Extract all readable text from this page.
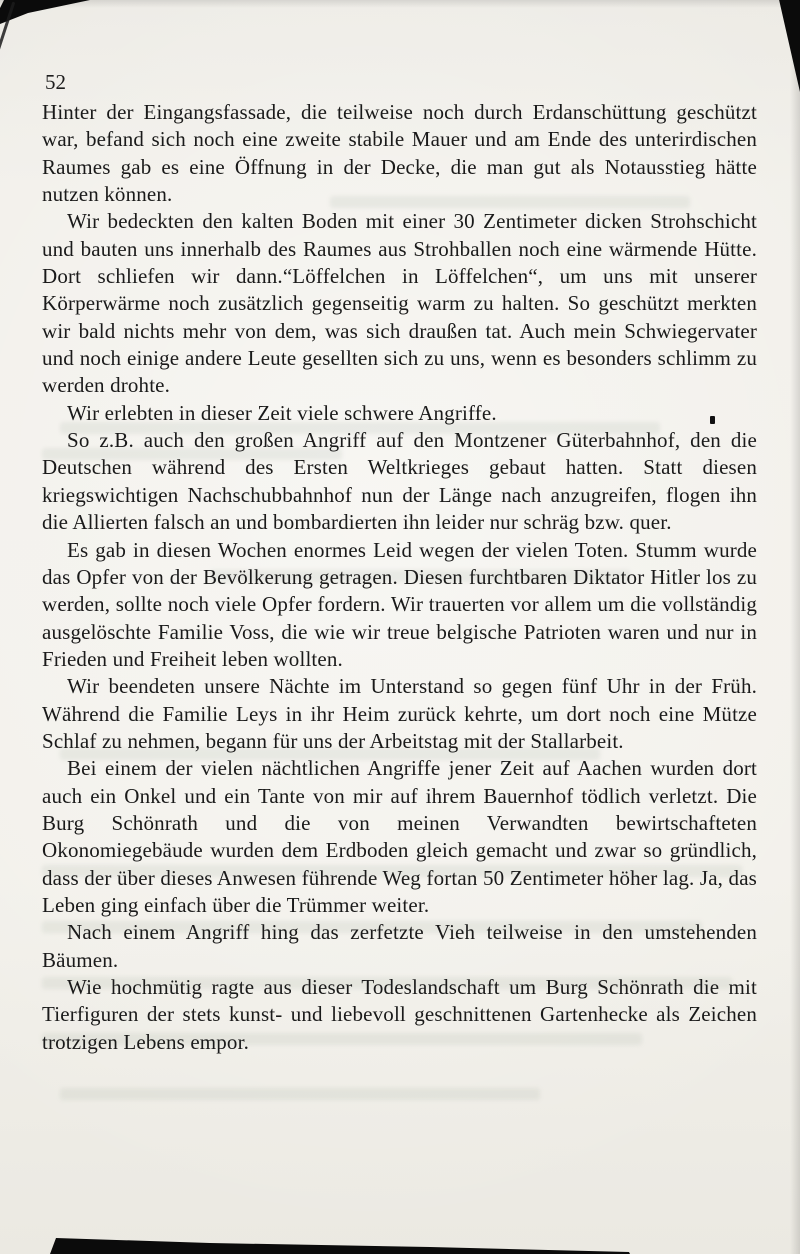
52

Hinter der Eingangsfassade, die teilweise noch durch Erdanschüttung geschützt war, befand sich noch eine zweite stabile Mauer und am Ende des unterirdischen Raumes gab es eine Öffnung in der Decke, die man gut als Notausstieg hätte nutzen können.

Wir bedeckten den kalten Boden mit einer 30 Zentimeter dicken Strohschicht und bauten uns innerhalb des Raumes aus Strohballen noch eine wärmende Hütte. Dort schliefen wir dann.“Löffelchen in Löffelchen“, um uns mit unserer Körperwärme noch zusätzlich gegenseitig warm zu halten. So geschützt merkten wir bald nichts mehr von dem, was sich draußen tat. Auch mein Schwiegervater und noch einige andere Leute gesellten sich zu uns, wenn es besonders schlimm zu werden drohte.

Wir erlebten in dieser Zeit viele schwere Angriffe.

So z.B. auch den großen Angriff auf den Montzener Güterbahnhof, den die Deutschen während des Ersten Weltkrieges gebaut hatten. Statt diesen kriegswichtigen Nachschubbahnhof nun der Länge nach anzugreifen, flogen ihn die Allierten falsch an und bombardierten ihn leider nur schräg bzw. quer.

Es gab in diesen Wochen enormes Leid wegen der vielen Toten. Stumm wurde das Opfer von der Bevölkerung getragen. Diesen furchtbaren Diktator Hitler los zu werden, sollte noch viele Opfer fordern. Wir trauerten vor allem um die vollständig ausgelöschte Familie Voss, die wie wir treue belgische Patrioten waren und nur in Frieden und Freiheit leben wollten.

Wir beendeten unsere Nächte im Unterstand so gegen fünf Uhr in der Früh. Während die Familie Leys in ihr Heim zurück kehrte, um dort noch eine Mütze Schlaf zu nehmen, begann für uns der Arbeitstag mit der Stallarbeit.

Bei einem der vielen nächtlichen Angriffe jener Zeit auf Aachen wurden dort auch ein Onkel und ein Tante von mir auf ihrem Bauernhof tödlich verletzt. Die Burg Schönrath und die von meinen Verwandten bewirtschafteten Okonomiegebäude wurden dem Erdboden gleich gemacht und zwar so gründlich, dass der über dieses Anwesen führende Weg fortan 50 Zentimeter höher lag. Ja, das Leben ging einfach über die Trümmer weiter.

Nach einem Angriff hing das zerfetzte Vieh teilweise in den umstehenden Bäumen.

Wie hochmütig ragte aus dieser Todeslandschaft um Burg Schönrath die mit Tierfiguren der stets kunst- und liebevoll geschnittenen Gartenhecke als Zeichen trotzigen Lebens empor.
